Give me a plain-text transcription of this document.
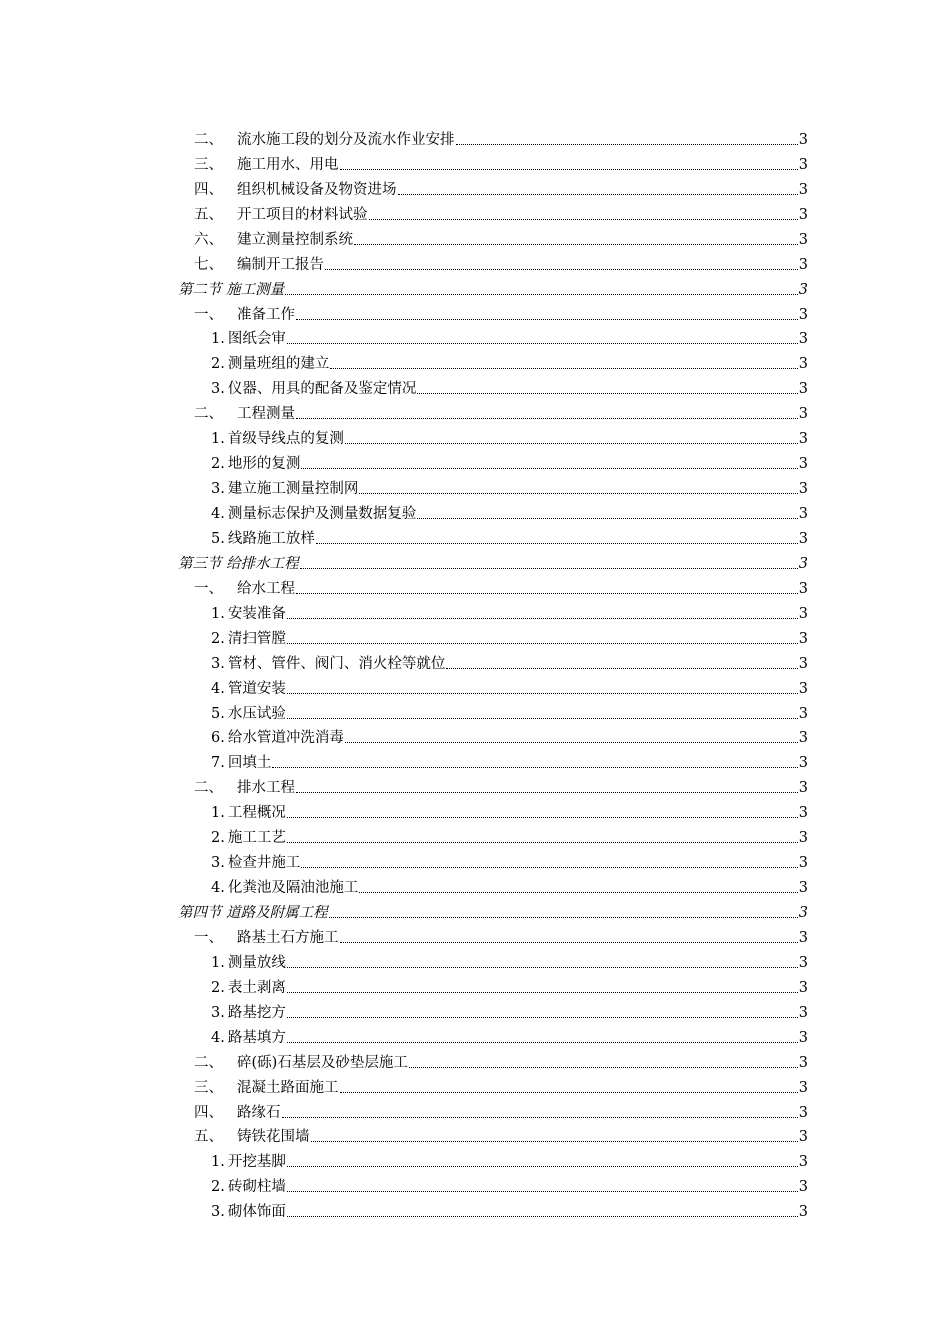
二、 流水施工段的划分及流水作业安排	3
三、 施工用水、用电	3
四、 组织机械设备及物资进场	3
五、 开工项目的材料试验	3
六、 建立测量控制系统	3
七、 编制开工报告	3
第二节 施工测量	3
一、 准备工作	3
1. 图纸会审	3
2. 测量班组的建立	3
3. 仪器、用具的配备及鉴定情况	3
二、 工程测量	3
1. 首级导线点的复测	3
2. 地形的复测	3
3. 建立施工测量控制网	3
4. 测量标志保护及测量数据复验	3
5. 线路施工放样	3
第三节 给排水工程	3
一、 给水工程	3
1. 安装准备	3
2. 清扫管膛	3
3. 管材、管件、阀门、消火栓等就位	3
4. 管道安装	3
5. 水压试验	3
6. 给水管道冲洗消毒	3
7. 回填土	3
二、 排水工程	3
1. 工程概况	3
2. 施工工艺	3
3. 检查井施工	3
4. 化粪池及隔油池施工	3
第四节 道路及附属工程	3
一、 路基土石方施工	3
1. 测量放线	3
2. 表土剥离	3
3. 路基挖方	3
4. 路基填方	3
二、 碎(砾)石基层及砂垫层施工	3
三、 混凝土路面施工	3
四、 路缘石	3
五、 铸铁花围墙	3
1. 开挖基脚	3
2. 砖砌柱墙	3
3. 砌体饰面	3
